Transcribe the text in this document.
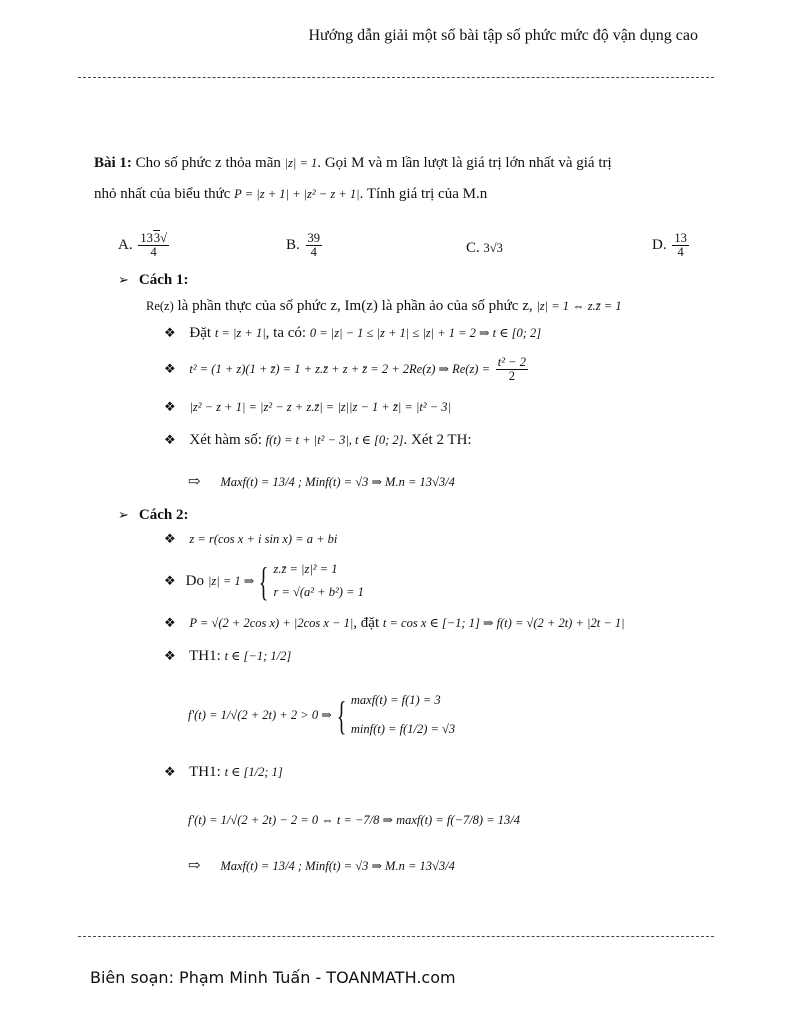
Hướng dẫn giải một số bài tập số phức mức độ vận dụng cao
Bài 1: Cho số phức z thỏa mãn |z| = 1. Gọi M và m lần lượt là giá trị lớn nhất và giá trị
nhỏ nhất của biểu thức P = |z + 1| + |z² − z + 1|. Tính giá trị của M.n
A. $\frac{133√}{4}$	B. $\frac{39}{4}$	C. 3√3	D. $\frac{13}{4}$
➢ Cách 1:
Re(z) là phần thực của số phức z, Im(z) là phần ảo của số phức z, |z| = 1 ⇔ z.z̄ = 1
❖ Đặt t = |z + 1|, ta có: 0 = |z| − 1 ≤ |z + 1| ≤ |z| + 1 = 2 ⇒ t ∈ [0; 2]
❖ t² = (1 + z)(1 + z̄) = 1 + z.z̄ + z + z̄ = 2 + 2Re(z) ⇒ $Re(z) = \frac{\text{t² − 2}}{2}$
❖ |z² − z + 1| = |z² − z + z.z̄| = |z||z − 1 + z̄| = |t² − 3|
❖ Xét hàm số: f(t) = t + |t² − 3|, t ∈ [0; 2]. Xét 2 TH:
⇨ Maxf(t) = 13/4 ; Minf(t) = √3 ⇒ M.n = 13√3/4
➢ Cách 2:
❖ z = r(cos x + i sin x) = a + bi
❖ Do |z| = 1 ⇒ { z.z̄ = |z|² = 1
r = √(a² + b²) = 1
❖ P = √(2 + 2cos x) + |2cos x − 1|, đặt t = cos x ∈ [−1; 1] ⇒ f(t) = √(2 + 2t) + |2t − 1|
❖ TH1: t ∈ [−1; 1/2]
f'(t) = 1/√(2 + 2t) + 2 > 0 ⇒ { maxf(t) = f(1) = 3
minf(t) = f(1/2) = √3
❖ TH1: t ∈ [1/2; 1]
f'(t) = 1/√(2 + 2t) − 2 = 0 ⇔ t = −7/8 ⇒ maxf(t) = f(−7/8) = 13/4
⇨ Maxf(t) = 13/4 ; Minf(t) = √3 ⇒ M.n = 13√3/4
Biên soạn: Phạm Minh Tuấn - TOANMATH.com
